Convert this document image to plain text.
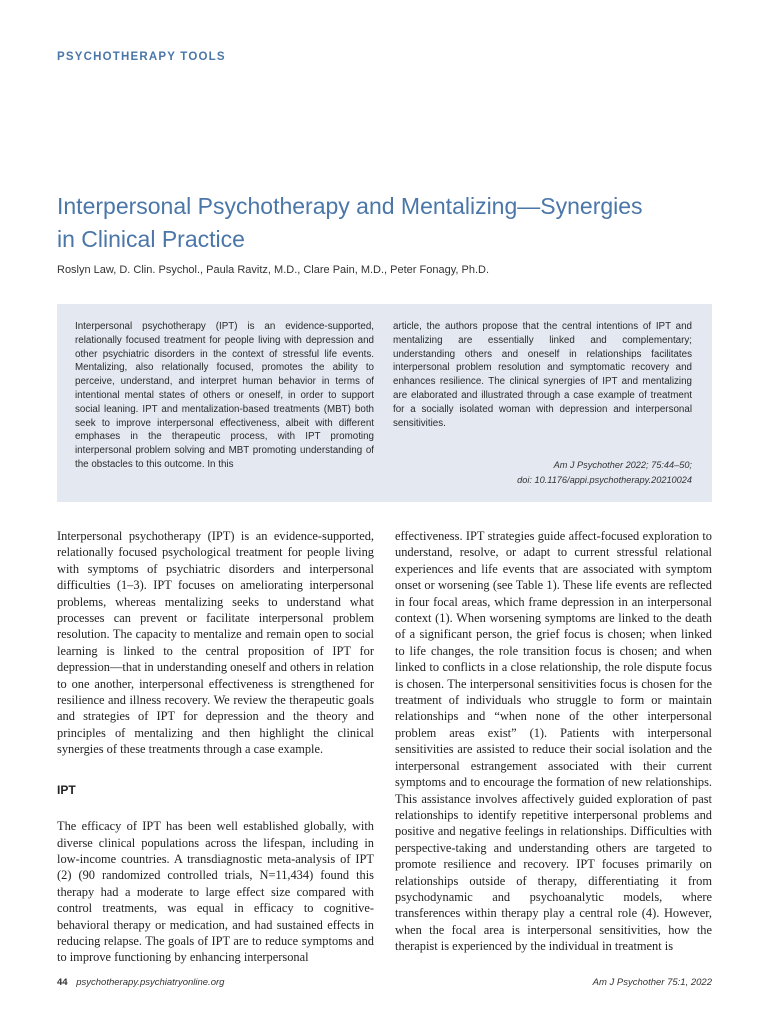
PSYCHOTHERAPY TOOLS
Interpersonal Psychotherapy and Mentalizing—Synergies in Clinical Practice
Roslyn Law, D. Clin. Psychol., Paula Ravitz, M.D., Clare Pain, M.D., Peter Fonagy, Ph.D.
Interpersonal psychotherapy (IPT) is an evidence-supported, relationally focused treatment for people living with depression and other psychiatric disorders in the context of stressful life events. Mentalizing, also relationally focused, promotes the ability to perceive, understand, and interpret human behavior in terms of intentional mental states of others or oneself, in order to support social leaning. IPT and mentalization-based treatments (MBT) both seek to improve interpersonal effectiveness, albeit with different emphases in the therapeutic process, with IPT promoting interpersonal problem solving and MBT promoting understanding of the obstacles to this outcome. In this
article, the authors propose that the central intentions of IPT and mentalizing are essentially linked and complementary; understanding others and oneself in relationships facilitates interpersonal problem resolution and symptomatic recovery and enhances resilience. The clinical synergies of IPT and mentalizing are elaborated and illustrated through a case example of treatment for a socially isolated woman with depression and interpersonal sensitivities.
Am J Psychother 2022; 75:44–50;
doi: 10.1176/appi.psychotherapy.20210024

Interpersonal psychotherapy (IPT) is an evidence-supported, relationally focused psychological treatment for people living with symptoms of psychiatric disorders and interpersonal difficulties (1–3). IPT focuses on ameliorating interpersonal problems, whereas mentalizing seeks to understand what processes can prevent or facilitate interpersonal problem resolution. The capacity to mentalize and remain open to social learning is linked to the central proposition of IPT for depression—that in understanding oneself and others in relation to one another, interpersonal effectiveness is strengthened for resilience and illness recovery. We review the therapeutic goals and strategies of IPT for depression and the theory and principles of mentalizing and then highlight the clinical synergies of these treatments through a case example.

IPT

The efficacy of IPT has been well established globally, with diverse clinical populations across the lifespan, including in low-income countries. A transdiagnostic meta-analysis of IPT (2) (90 randomized controlled trials, N=11,434) found this therapy had a moderate to large effect size compared with control treatments, was equal in efficacy to cognitive-behavioral therapy or medication, and had sustained effects in reducing relapse. The goals of IPT are to reduce symptoms and to improve functioning by enhancing interpersonal

effectiveness. IPT strategies guide affect-focused exploration to understand, resolve, or adapt to current stressful relational experiences and life events that are associated with symptom onset or worsening (see Table 1). These life events are reflected in four focal areas, which frame depression in an interpersonal context (1). When worsening symptoms are linked to the death of a significant person, the grief focus is chosen; when linked to life changes, the role transition focus is chosen; and when linked to conflicts in a close relationship, the role dispute focus is chosen. The interpersonal sensitivities focus is chosen for the treatment of individuals who struggle to form or maintain relationships and “when none of the other interpersonal problem areas exist” (1). Patients with interpersonal sensitivities are assisted to reduce their social isolation and the interpersonal estrangement associated with their current symptoms and to encourage the formation of new relationships. This assistance involves affectively guided exploration of past relationships to identify repetitive interpersonal problems and positive and negative feelings in relationships. Difficulties with perspective-taking and understanding others are targeted to promote resilience and recovery. IPT focuses primarily on relationships outside of therapy, differentiating it from psychodynamic and psychoanalytic models, where transferences within therapy play a central role (4). However, when the focal area is interpersonal sensitivities, how the therapist is experienced by the individual in treatment is

44 psychotherapy.psychiatryonline.org	Am J Psychother 75:1, 2022
